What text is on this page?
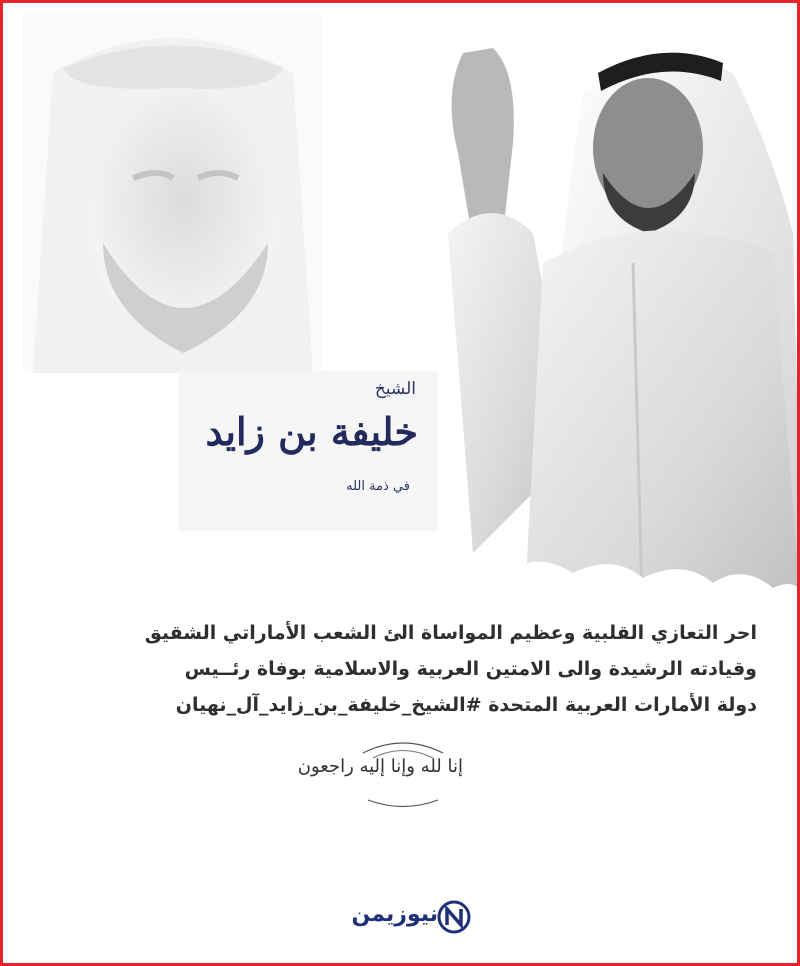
الشيخ
خليفة بن زايد
في ذمة الله
احر التعازي القلبية وعظيم المواساة الئ الشعب الأماراتي الشقيق
وقيادته الرشيدة والى الامتين العربية والاسلامية بوفاة رئــيس
دولة الأمارات العربية المتحدة #الشيخ_خليفة_بن_زايد_آل_نهيان
إنا لله وإنا إليه راجعون
نيوزيمن
